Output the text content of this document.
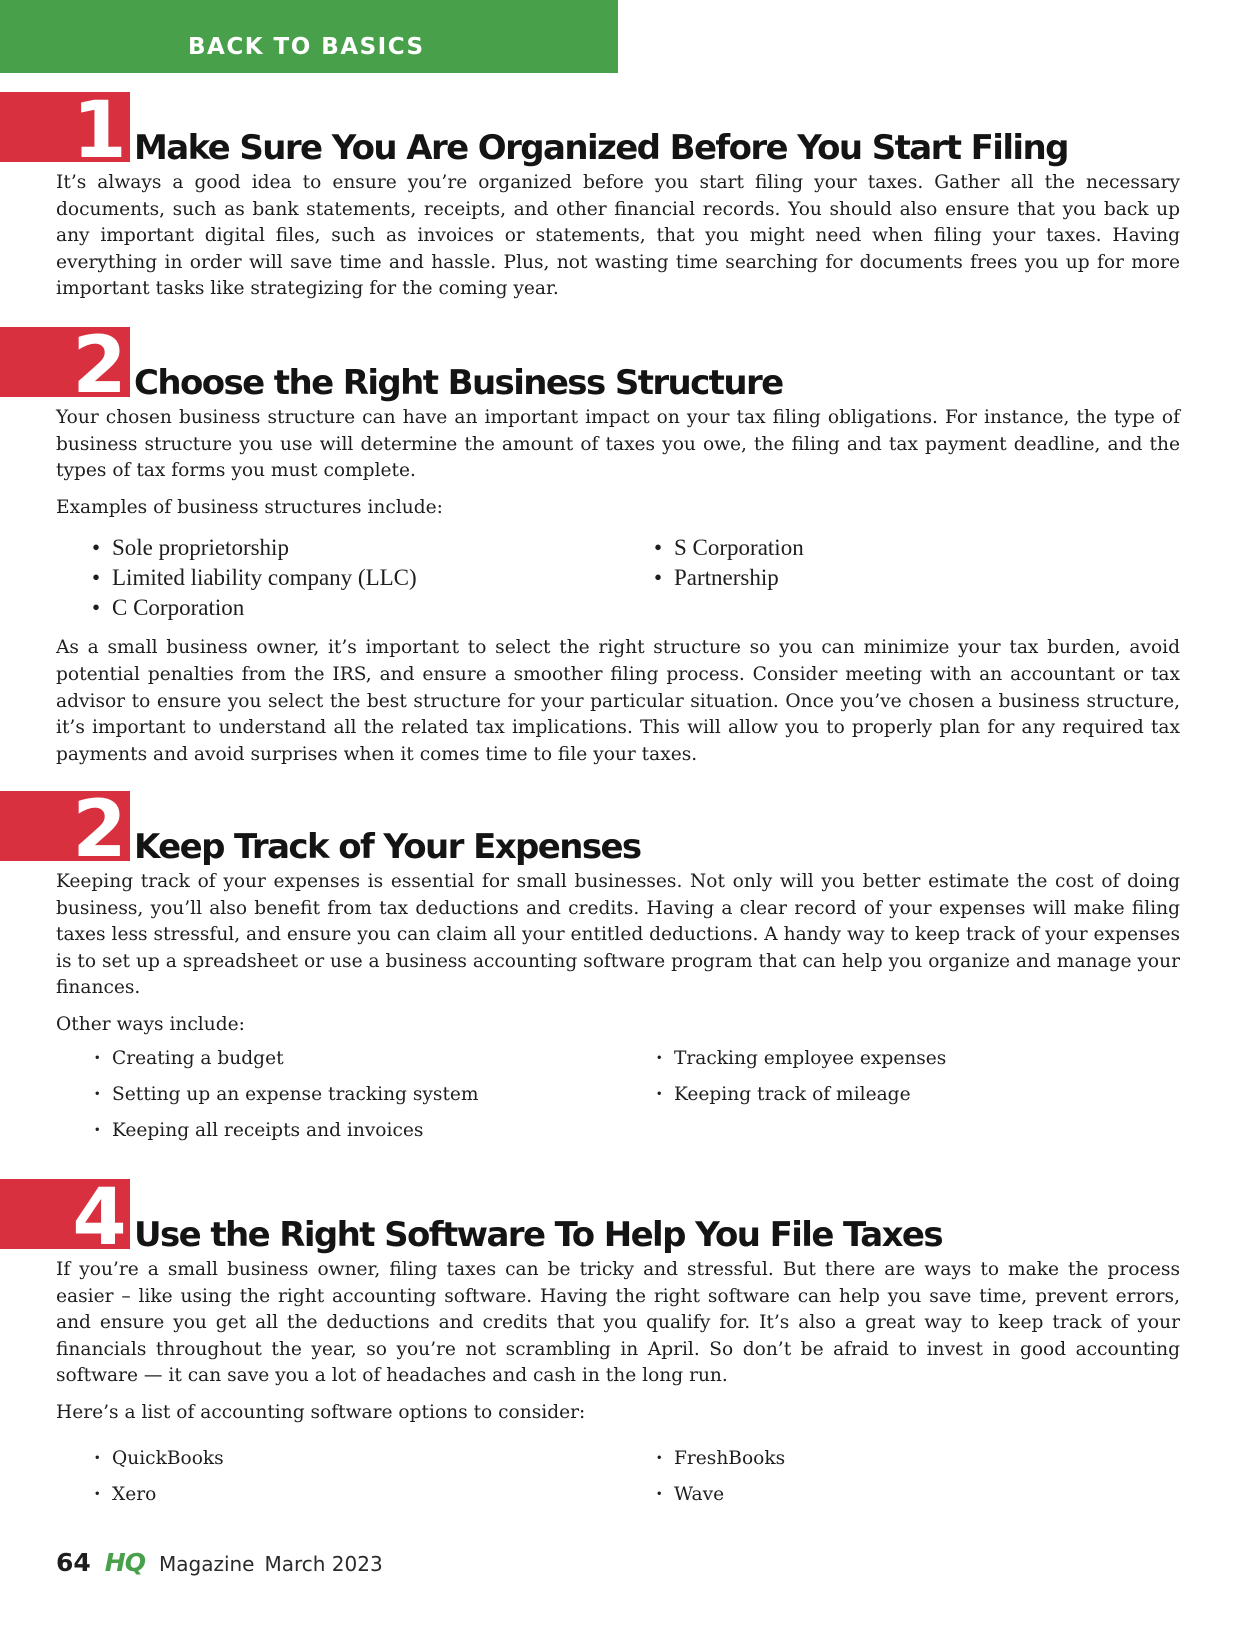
BACK TO BASICS
1 Make Sure You Are Organized Before You Start Filing

It’s always a good idea to ensure you’re organized before you start filing your taxes. Gather all the necessary documents, such as bank statements, receipts, and other financial records. You should also ensure that you back up any important digital files, such as invoices or statements, that you might need when filing your taxes. Having everything in order will save time and hassle. Plus, not wasting time searching for documents frees you up for more important tasks like strategizing for the coming year.

2 Choose the Right Business Structure

Your chosen business structure can have an important impact on your tax filing obligations. For instance, the type of business structure you use will determine the amount of taxes you owe, the filing and tax payment deadline, and the types of tax forms you must complete.

Examples of business structures include:

• Sole proprietorship
• Limited liability company (LLC)
• C Corporation
• S Corporation
• Partnership

As a small business owner, it’s important to select the right structure so you can minimize your tax burden, avoid potential penalties from the IRS, and ensure a smoother filing process. Consider meeting with an accountant or tax advisor to ensure you select the best structure for your particular situation. Once you’ve chosen a business structure, it’s important to understand all the related tax implications. This will allow you to properly plan for any required tax payments and avoid surprises when it comes time to file your taxes.

2 Keep Track of Your Expenses

Keeping track of your expenses is essential for small businesses. Not only will you better estimate the cost of doing business, you’ll also benefit from tax deductions and credits. Having a clear record of your expenses will make filing taxes less stressful, and ensure you can claim all your entitled deductions. A handy way to keep track of your expenses is to set up a spreadsheet or use a business accounting software program that can help you organize and manage your finances.

Other ways include:

· Creating a budget
· Setting up an expense tracking system
· Keeping all receipts and invoices
· Tracking employee expenses
· Keeping track of mileage
4 Use the Right Software To Help You File Taxes

If you’re a small business owner, filing taxes can be tricky and stressful. But there are ways to make the process easier – like using the right accounting software. Having the right software can help you save time, prevent errors, and ensure you get all the deductions and credits that you qualify for. It’s also a great way to keep track of your financials throughout the year, so you’re not scrambling in April. So don’t be afraid to invest in good accounting software — it can save you a lot of headaches and cash in the long run.

Here’s a list of accounting software options to consider:

· QuickBooks
· Xero
· FreshBooks
· Wave
64 HQ Magazine March 2023
